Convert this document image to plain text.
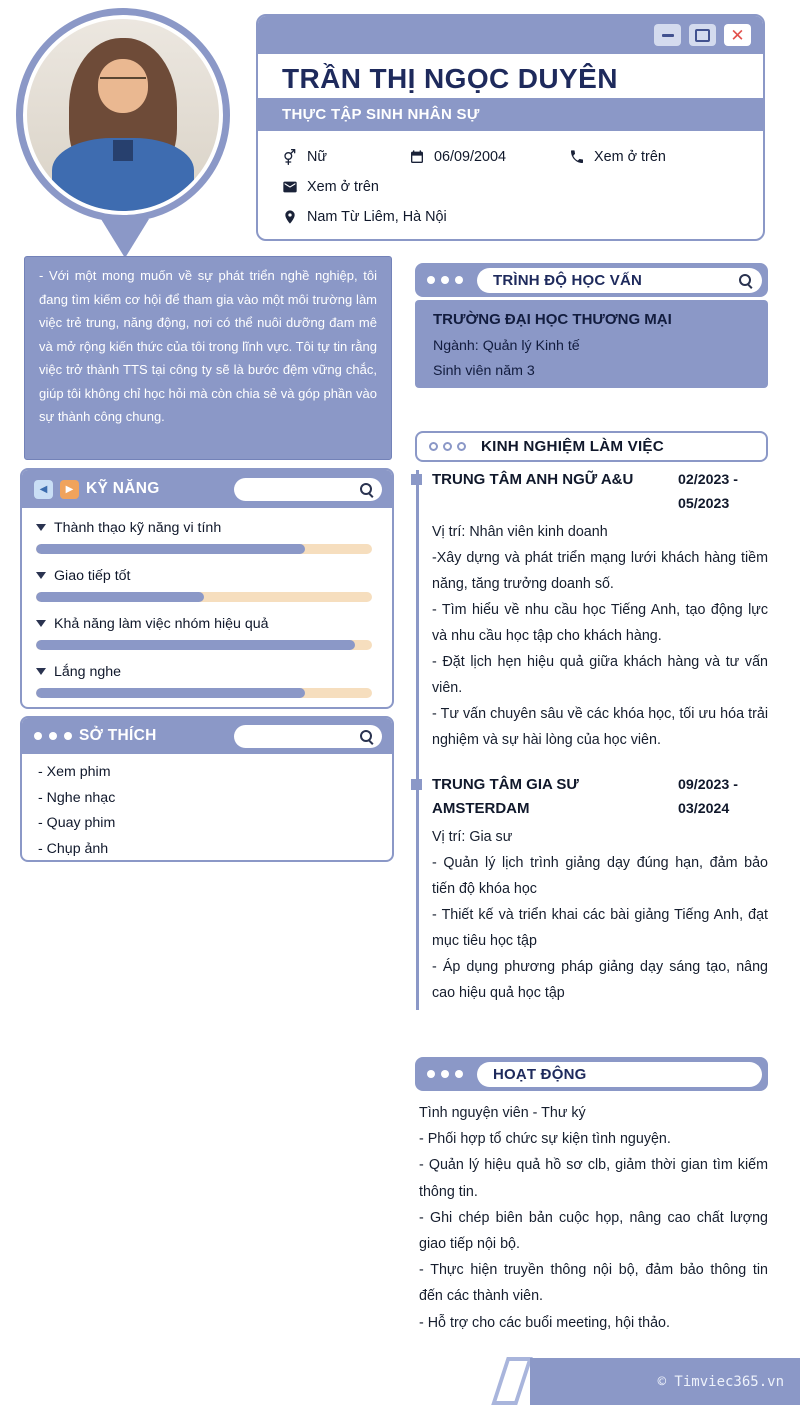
✕
TRẦN THỊ NGỌC DUYÊN
THỰC TẬP SINH NHÂN SỰ
Nữ	06/09/2004	Xem ở trên
Xem ở trên
Nam Từ Liêm, Hà Nội
- Với một mong muốn về sự phát triển nghề nghiệp, tôi đang tìm kiếm cơ hội để tham gia vào một môi trường làm việc trẻ trung, năng động, nơi có thể nuôi dưỡng đam mê và mở rộng kiến thức của tôi trong lĩnh vực. Tôi tự tin rằng việc trở thành TTS tại công ty sẽ là bước đệm vững chắc, giúp tôi không chỉ học hỏi mà còn chia sẻ và góp phần vào sự thành công chung.
◀
▶
KỸ NĂNG
Thành thạo kỹ năng vi tính
Giao tiếp tốt
Khả năng làm việc nhóm hiệu quả
Lắng nghe
SỞ THÍCH
- Xem phim
- Nghe nhạc
- Quay phim
- Chụp ảnh
TRÌNH ĐỘ HỌC VẤN
TRƯỜNG ĐẠI HỌC THƯƠNG MẠI
Ngành: Quản lý Kinh tế
Sinh viên năm 3
KINH NGHIỆM LÀM VIỆC
TRUNG TÂM ANH NGỮ A&U	02/2023 - 05/2023
Vị trí: Nhân viên kinh doanh
-Xây dựng và phát triển mạng lưới khách hàng tiềm năng, tăng trưởng doanh số.
- Tìm hiểu về nhu cầu học Tiếng Anh, tạo động lực và nhu cầu học tập cho khách hàng.
- Đặt lịch hẹn hiệu quả giữa khách hàng và tư vấn viên.
- Tư vấn chuyên sâu về các khóa học, tối ưu hóa trải nghiệm và sự hài lòng của học viên.
TRUNG TÂM GIA SƯ AMSTERDAM
09/2023 - 03/2024
Vị trí: Gia sư
- Quản lý lịch trình giảng dạy đúng hạn, đảm bảo tiến độ khóa học
- Thiết kế và triển khai các bài giảng Tiếng Anh, đạt mục tiêu học tập
- Áp dụng phương pháp giảng dạy sáng tạo, nâng cao hiệu quả học tập
HOẠT ĐỘNG
Tình nguyện viên - Thư ký
- Phối hợp tổ chức sự kiện tình nguyện.
- Quản lý hiệu quả hồ sơ clb, giảm thời gian tìm kiếm thông tin.
- Ghi chép biên bản cuộc họp, nâng cao chất lượng giao tiếp nội bộ.
- Thực hiện truyền thông nội bộ, đảm bảo thông tin đến các thành viên.
- Hỗ trợ cho các buổi meeting, hội thảo.
© Timviec365.vn
